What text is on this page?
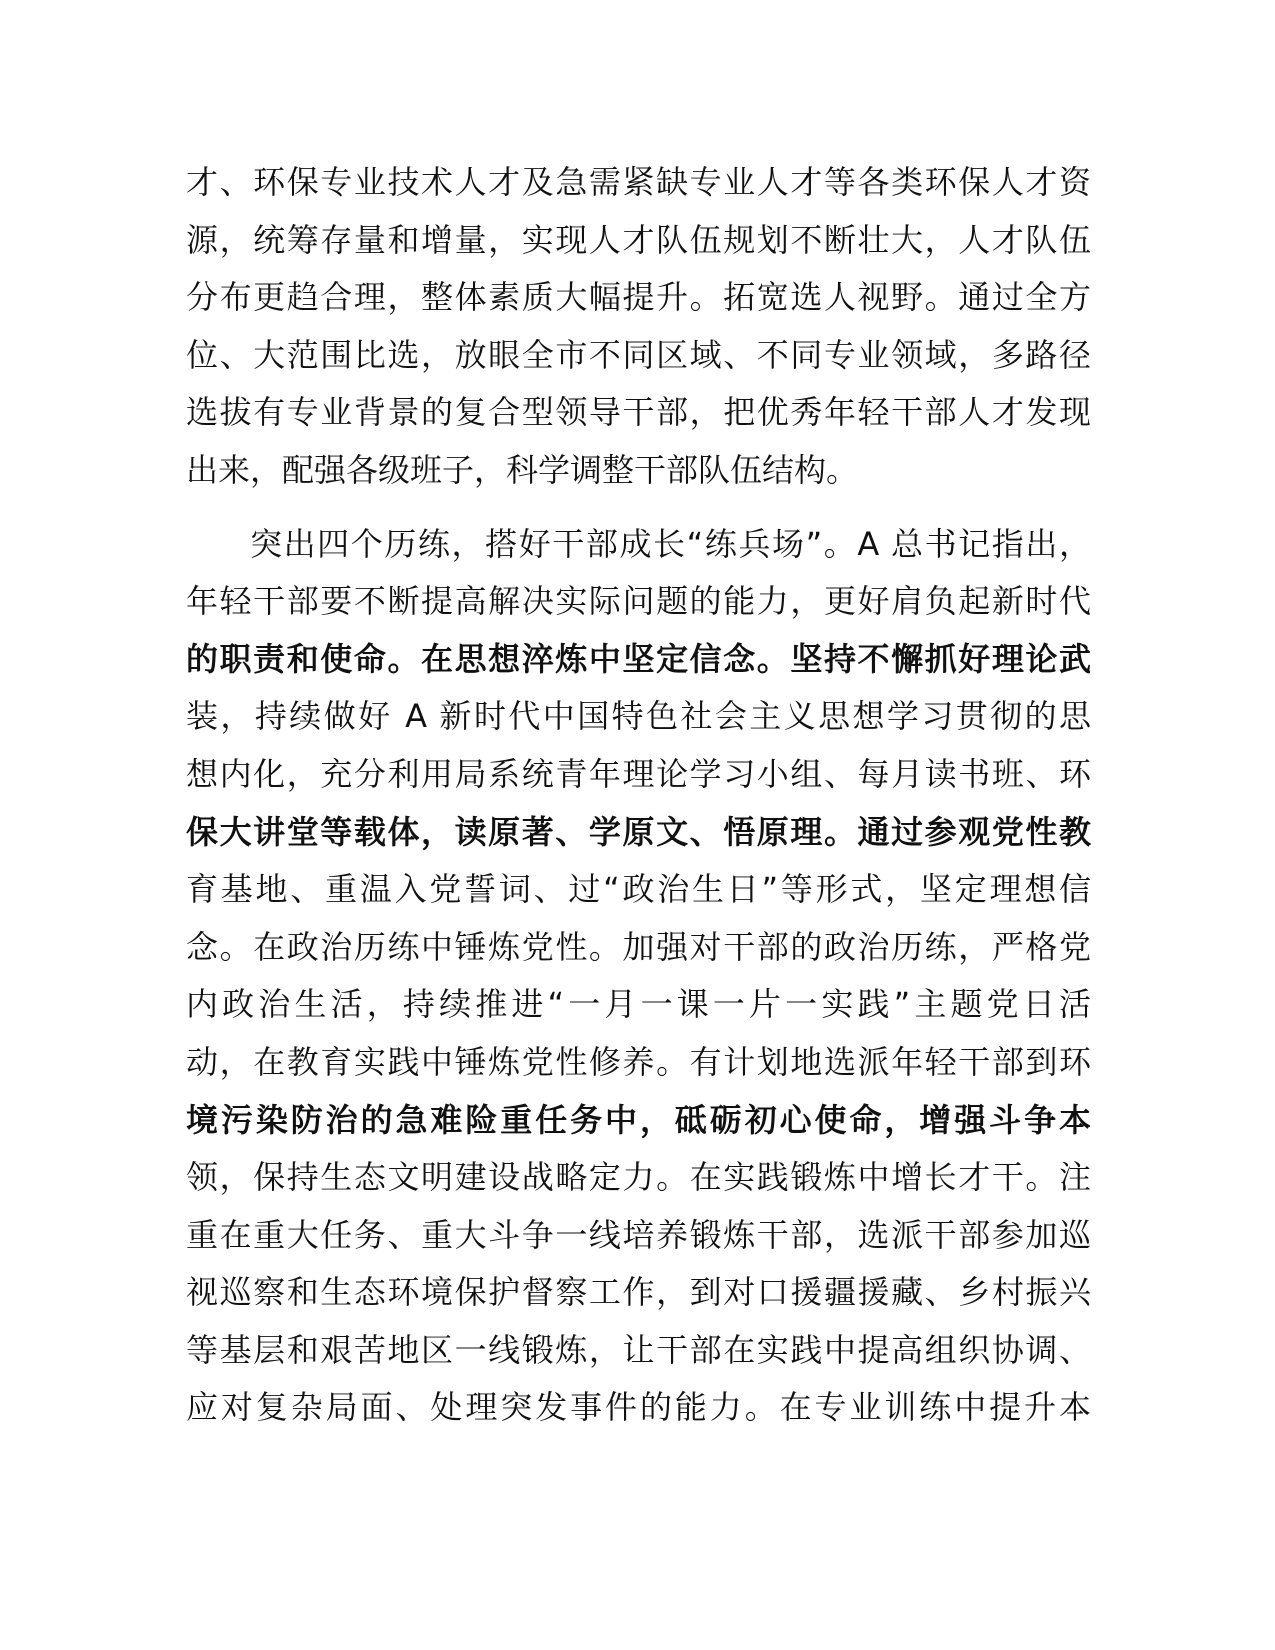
才、环保专业技术人才及急需紧缺专业人才等各类环保人才资
源，统筹存量和增量，实现人才队伍规划不断壮大，人才队伍
分布更趋合理，整体素质大幅提升。拓宽选人视野。通过全方
位、大范围比选，放眼全市不同区域、不同专业领域，多路径
选拔有专业背景的复合型领导干部，把优秀年轻干部人才发现
出来，配强各级班子，科学调整干部队伍结构。
突出四个历练，搭好干部成长“练兵场”。A 总书记指出，
年轻干部要不断提高解决实际问题的能力，更好肩负起新时代
的职责和使命。在思想淬炼中坚定信念。坚持不懈抓好理论武
装，持续做好 A 新时代中国特色社会主义思想学习贯彻的思
想内化，充分利用局系统青年理论学习小组、每月读书班、环
保大讲堂等载体，读原著、学原文、悟原理。通过参观党性教
育基地、重温入党誓词、过“政治生日”等形式，坚定理想信
念。在政治历练中锤炼党性。加强对干部的政治历练，严格党
内政治生活，持续推进“一月一课一片一实践”主题党日活
动，在教育实践中锤炼党性修养。有计划地选派年轻干部到环
境污染防治的急难险重任务中，砥砺初心使命，增强斗争本
领，保持生态文明建设战略定力。在实践锻炼中增长才干。注
重在重大任务、重大斗争一线培养锻炼干部，选派干部参加巡
视巡察和生态环境保护督察工作，到对口援疆援藏、乡村振兴
等基层和艰苦地区一线锻炼，让干部在实践中提高组织协调、
应对复杂局面、处理突发事件的能力。在专业训练中提升本
